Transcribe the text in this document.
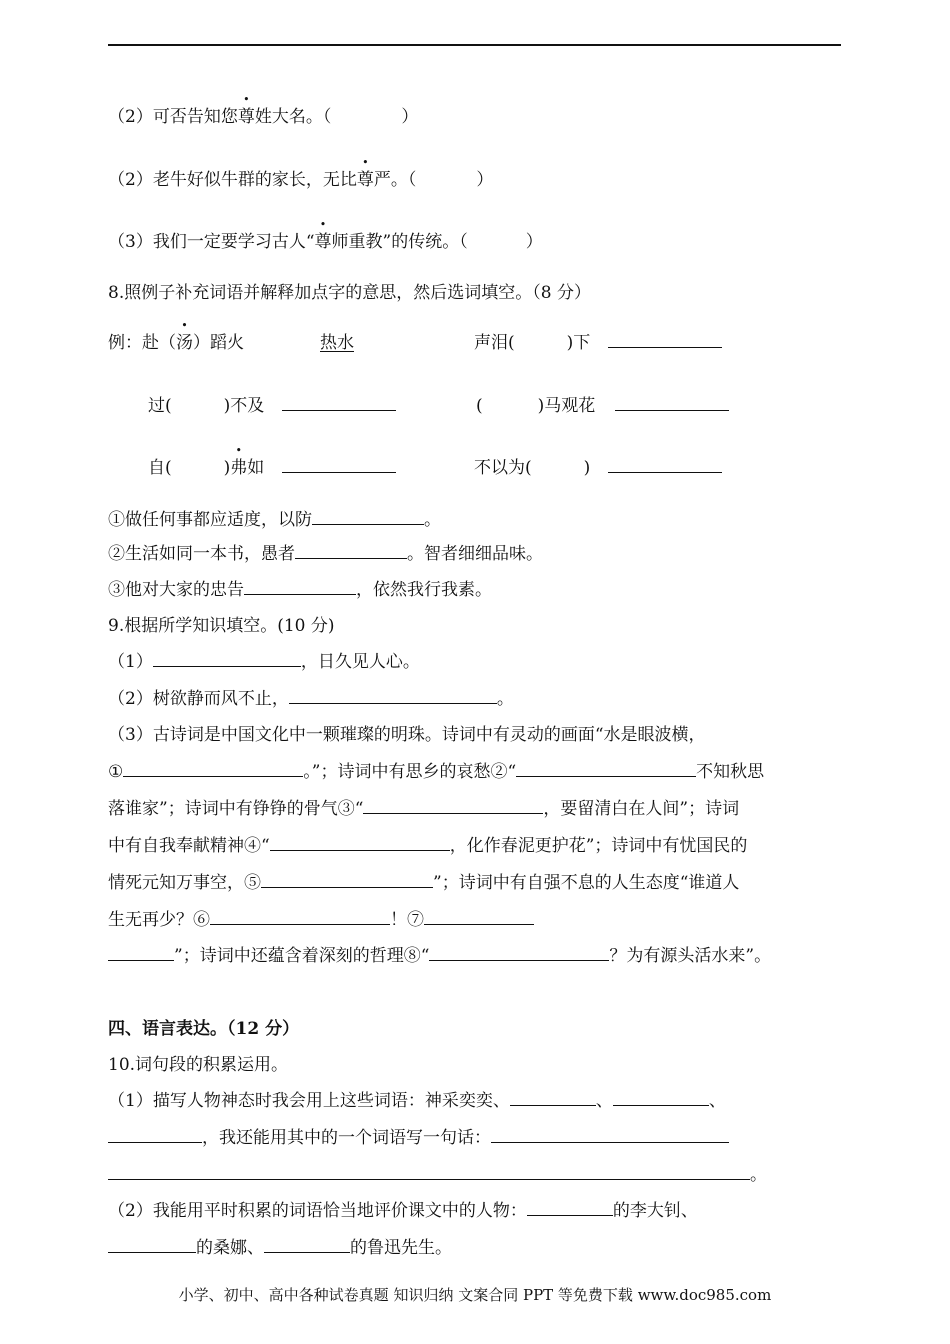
（2）可否告知您尊姓大名。（	）
（2）老牛好似牛群的家长，无比尊严。（	）
（3）我们一定要学习古人“尊师重教”的传统。（	）
8.照例子补充词语并解释加点字的意思，然后选词填空。（8 分）
例：赴（汤）蹈火	热水	声泪(	)下
过(	)不及	(	)马观花
自(	)弗如	不以为(	)
①做任何事都应适度，以防	。
②生活如同一本书，愚者	。智者细细品味。
③他对大家的忠告	，依然我行我素。
9.根据所学知识填空。(10 分)
（1）	，日久见人心。
（2）树欲静而风不止，	。
（3）古诗词是中国文化中一颗璀璨的明珠。诗词中有灵动的画面“水是眼波横，
①	。”；诗词中有思乡的哀愁②“	不知秋思
落谁家”；诗词中有铮铮的骨气③“	，要留清白在人间”；诗词
中有自我奉献精神④“	，化作春泥更护花”；诗词中有忧国民的
情死元知万事空，⑤	”；诗词中有自强不息的人生态度“谁道人
生无再少？⑥	！⑦
”；诗词中还蕴含着深刻的哲理⑧“	？为有源头活水来”。
四、语言表达。（12 分）
10.词句段的积累运用。
（1）描写人物神态时我会用上这些词语：神采奕奕、	、	、
，我还能用其中的一个词语写一句话：
。
（2）我能用平时积累的词语恰当地评价课文中的人物：	的李大钊、
的桑娜、	的鲁迅先生。
小学、初中、高中各种试卷真题 知识归纳 文案合同 PPT 等免费下载 www.doc985.com
